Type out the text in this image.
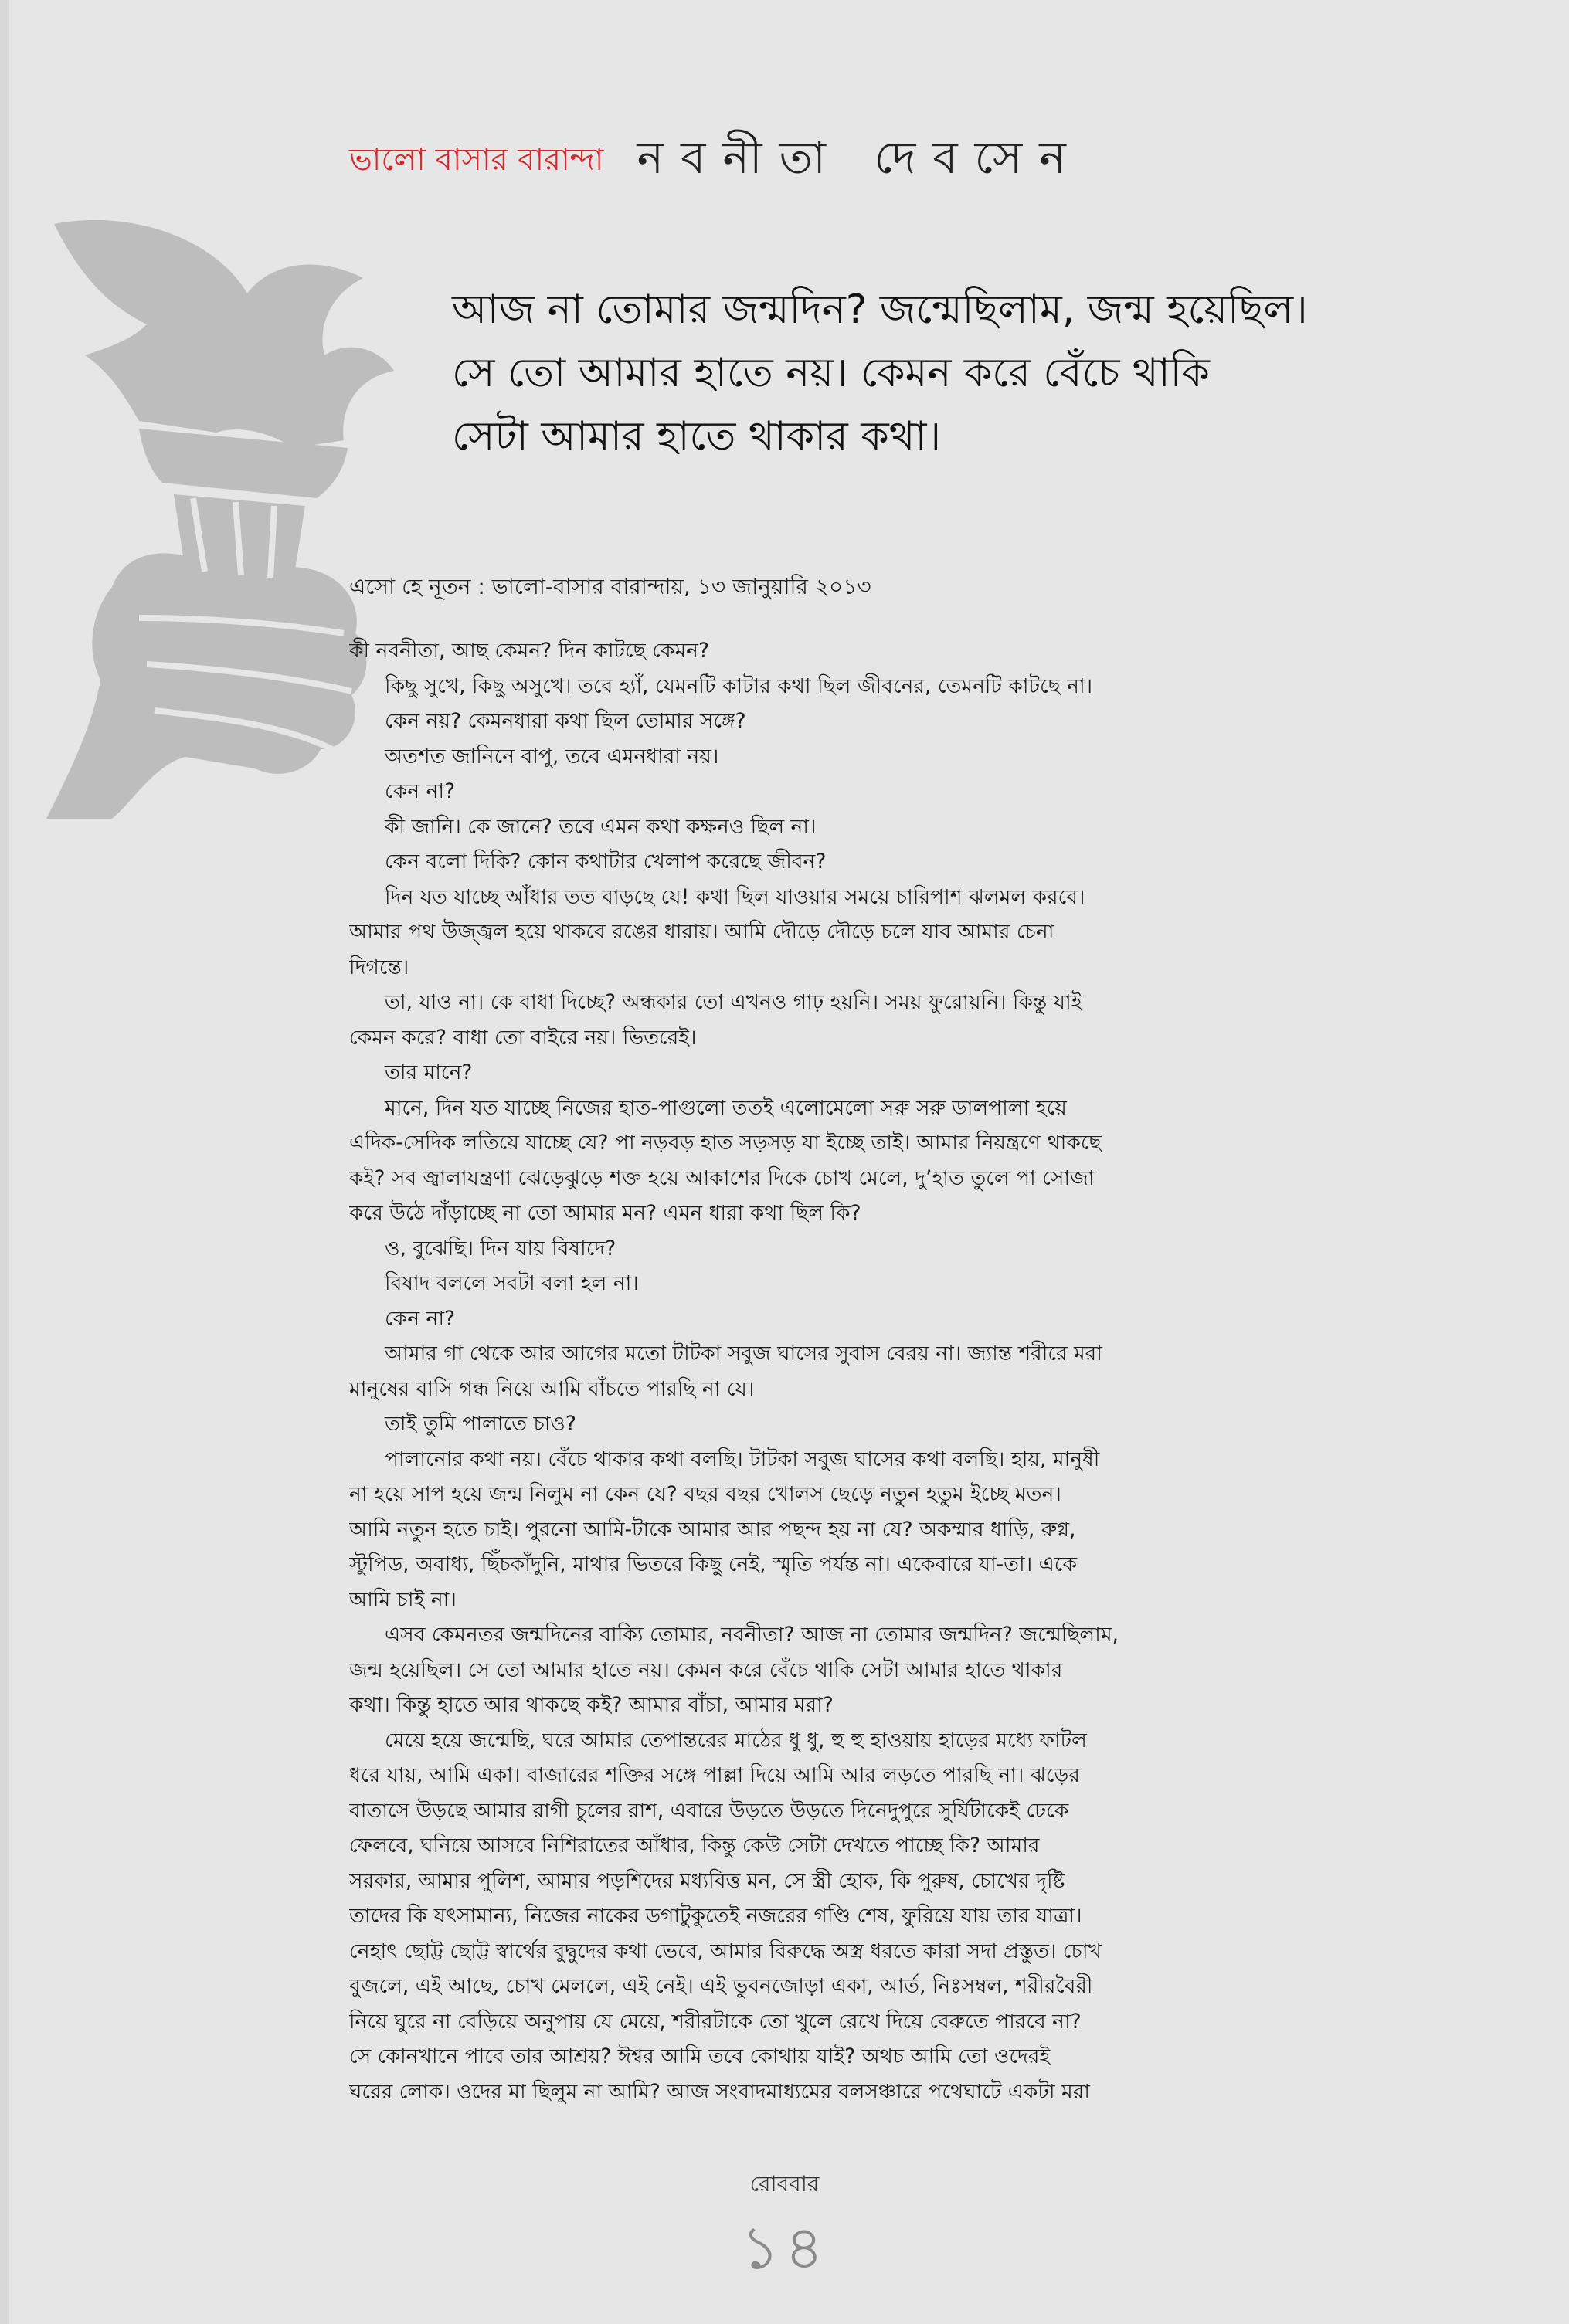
ভালো বাসার বারান্দা নবনীতা দেবসেন
আজ না তোমার জন্মদিন? জন্মেছিলাম, জন্ম হয়েছিল।
সে তো আমার হাতে নয়। কেমন করে বেঁচে থাকি
সেটা আমার হাতে থাকার কথা।
এসো হে নূতন : ভালো-বাসার বারান্দায়, ১৩ জানুয়ারি ২০১৩
কী নবনীতা, আছ কেমন? দিন কাটছে কেমন?
কিছু সুখে, কিছু অসুখে। তবে হ্যাঁ, যেমনটি কাটার কথা ছিল জীবনের, তেমনটি কাটছে না।
কেন নয়? কেমনধারা কথা ছিল তোমার সঙ্গে?
অতশত জানিনে বাপু, তবে এমনধারা নয়।
কেন না?
কী জানি। কে জানে? তবে এমন কথা কক্ষনও ছিল না।
কেন বলো দিকি? কোন কথাটার খেলাপ করেছে জীবন?
দিন যত যাচ্ছে আঁধার তত বাড়ছে যে! কথা ছিল যাওয়ার সময়ে চারিপাশ ঝলমল করবে।
আমার পথ উজ্জ্বল হয়ে থাকবে রঙের ধারায়। আমি দৌড়ে দৌড়ে চলে যাব আমার চেনা
দিগন্তে।
তা, যাও না। কে বাধা দিচ্ছে? অন্ধকার তো এখনও গাঢ় হয়নি। সময় ফুরোয়নি। কিন্তু যাই
কেমন করে? বাধা তো বাইরে নয়। ভিতরেই।
তার মানে?
মানে, দিন যত যাচ্ছে নিজের হাত-পাগুলো ততই এলোমেলো সরু সরু ডালপালা হয়ে
এদিক-সেদিক লতিয়ে যাচ্ছে যে? পা নড়বড় হাত সড়সড় যা ইচ্ছে তাই। আমার নিয়ন্ত্রণে থাকছে
কই? সব জ্বালাযন্ত্রণা ঝেড়েঝুড়ে শক্ত হয়ে আকাশের দিকে চোখ মেলে, দু’হাত তুলে পা সোজা
করে উঠে দাঁড়াচ্ছে না তো আমার মন? এমন ধারা কথা ছিল কি?
ও, বুঝেছি। দিন যায় বিষাদে?
বিষাদ বললে সবটা বলা হল না।
কেন না?
আমার গা থেকে আর আগের মতো টাটকা সবুজ ঘাসের সুবাস বেরয় না। জ্যান্ত শরীরে মরা
মানুষের বাসি গন্ধ নিয়ে আমি বাঁচতে পারছি না যে।
তাই তুমি পালাতে চাও?
পালানোর কথা নয়। বেঁচে থাকার কথা বলছি। টাটকা সবুজ ঘাসের কথা বলছি। হায়, মানুষী
না হয়ে সাপ হয়ে জন্ম নিলুম না কেন যে? বছর বছর খোলস ছেড়ে নতুন হতুম ইচ্ছে মতন।
আমি নতুন হতে চাই। পুরনো আমি-টাকে আমার আর পছন্দ হয় না যে? অকম্মার ধাড়ি, রুগ্ন,
স্টুপিড, অবাধ্য, ছিঁচকাঁদুনি, মাথার ভিতরে কিছু নেই, স্মৃতি পর্যন্ত না। একেবারে যা-তা। একে
আমি চাই না।
এসব কেমনতর জন্মদিনের বাক্যি তোমার, নবনীতা? আজ না তোমার জন্মদিন? জন্মেছিলাম,
জন্ম হয়েছিল। সে তো আমার হাতে নয়। কেমন করে বেঁচে থাকি সেটা আমার হাতে থাকার
কথা। কিন্তু হাতে আর থাকছে কই? আমার বাঁচা, আমার মরা?
মেয়ে হয়ে জন্মেছি, ঘরে আমার তেপান্তরের মাঠের ধু ধু, হু হু হাওয়ায় হাড়ের মধ্যে ফাটল
ধরে যায়, আমি একা। বাজারের শক্তির সঙ্গে পাল্লা দিয়ে আমি আর লড়তে পারছি না। ঝড়ের
বাতাসে উড়ছে আমার রাগী চুলের রাশ, এবারে উড়তে উড়তে দিনেদুপুরে সুর্যিটাকেই ঢেকে
ফেলবে, ঘনিয়ে আসবে নিশিরাতের আঁধার, কিন্তু কেউ সেটা দেখতে পাচ্ছে কি? আমার
সরকার, আমার পুলিশ, আমার পড়শিদের মধ্যবিত্ত মন, সে স্ত্রী হোক, কি পুরুষ, চোখের দৃষ্টি
তাদের কি যৎসামান্য, নিজের নাকের ডগাটুকুতেই নজরের গণ্ডি শেষ, ফুরিয়ে যায় তার যাত্রা।
নেহাৎ ছোট্ট ছোট্ট স্বার্থের বুদ্বুদের কথা ভেবে, আমার বিরুদ্ধে অস্ত্র ধরতে কারা সদা প্রস্তুত। চোখ
বুজলে, এই আছে, চোখ মেললে, এই নেই। এই ভুবনজোড়া একা, আর্ত, নিঃসম্বল, শরীরবৈরী
নিয়ে ঘুরে না বেড়িয়ে অনুপায় যে মেয়ে, শরীরটাকে তো খুলে রেখে দিয়ে বেরুতে পারবে না?
সে কোনখানে পাবে তার আশ্রয়? ঈশ্বর আমি তবে কোথায় যাই? অথচ আমি তো ওদেরই
ঘরের লোক। ওদের মা ছিলুম না আমি? আজ সংবাদমাধ্যমের বলসঞ্চারে পথেঘাটে একটা মরা
রোববার
১৪
